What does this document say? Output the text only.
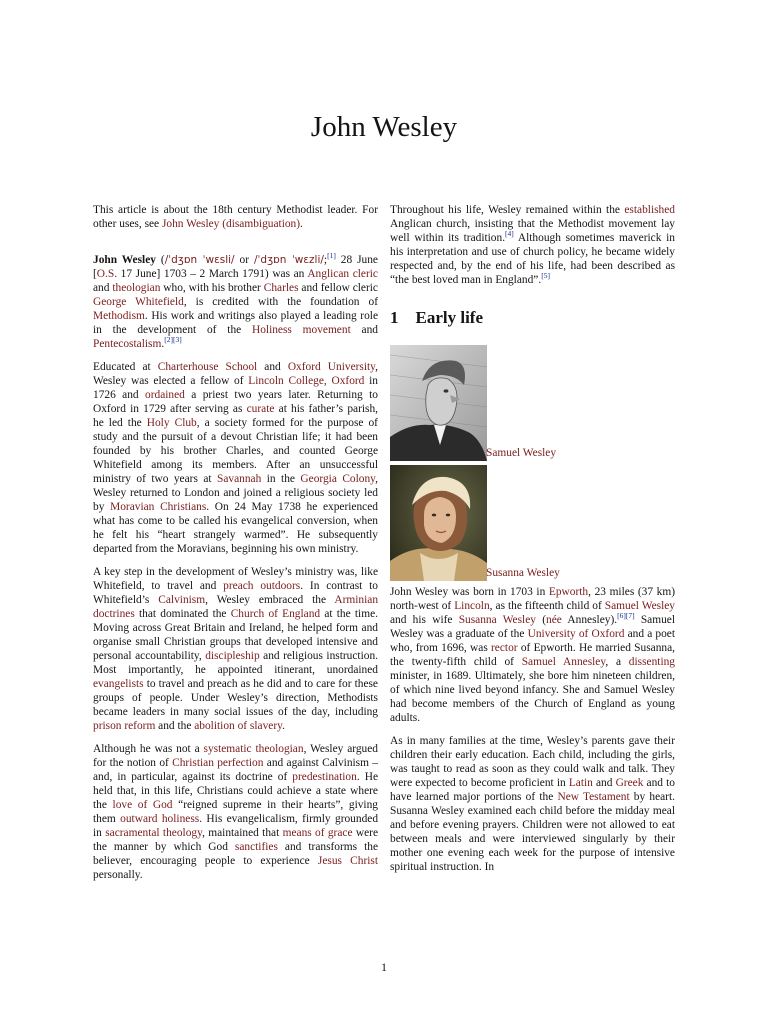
John Wesley

This article is about the 18th century Methodist leader. For other uses, see John Wesley (disambiguation).

John Wesley (/ˈdʒɒn ˈwɛsli/ or /ˈdʒɒn ˈwɛzli/;[1] 28 June [O.S. 17 June] 1703 – 2 March 1791) was an Anglican cleric and theologian who, with his brother Charles and fellow cleric George Whitefield, is credited with the foundation of Methodism. His work and writings also played a leading role in the development of the Holiness movement and Pentecostalism.[2][3]

Educated at Charterhouse School and Oxford University, Wesley was elected a fellow of Lincoln College, Oxford in 1726 and ordained a priest two years later. Returning to Oxford in 1729 after serving as curate at his father’s parish, he led the Holy Club, a society formed for the purpose of study and the pursuit of a devout Christian life; it had been founded by his brother Charles, and counted George Whitefield among its members. After an unsuccessful ministry of two years at Savannah in the Georgia Colony, Wesley returned to London and joined a religious society led by Moravian Christians. On 24 May 1738 he experienced what has come to be called his evangelical conversion, when he felt his “heart strangely warmed”. He subsequently departed from the Moravians, beginning his own ministry.

A key step in the development of Wesley’s ministry was, like Whitefield, to travel and preach outdoors. In contrast to Whitefield’s Calvinism, Wesley embraced the Arminian doctrines that dominated the Church of England at the time. Moving across Great Britain and Ireland, he helped form and organise small Christian groups that developed intensive and personal accountability, discipleship and religious instruction. Most importantly, he appointed itinerant, unordained evangelists to travel and preach as he did and to care for these groups of people. Under Wesley’s direction, Methodists became leaders in many social issues of the day, including prison reform and the abolition of slavery.

Although he was not a systematic theologian, Wesley argued for the notion of Christian perfection and against Calvinism – and, in particular, against its doctrine of predestination. He held that, in this life, Christians could achieve a state where the love of God “reigned supreme in their hearts”, giving them outward holiness. His evangelicalism, firmly grounded in sacramental theology, maintained that means of grace were the manner by which God sanctifies and transforms the believer, encouraging people to experience Jesus Christ personally.

Throughout his life, Wesley remained within the established Anglican church, insisting that the Methodist movement lay well within its tradition.[4] Although sometimes maverick in his interpretation and use of church policy, he became widely respected and, by the end of his life, had been described as “the best loved man in England”.[5]

1 Early life
Samuel Wesley
Susanna Wesley

John Wesley was born in 1703 in Epworth, 23 miles (37 km) north-west of Lincoln, as the fifteenth child of Samuel Wesley and his wife Susanna Wesley (née Annesley).[6][7] Samuel Wesley was a graduate of the University of Oxford and a poet who, from 1696, was rector of Epworth. He married Susanna, the twenty-fifth child of Samuel Annesley, a dissenting minister, in 1689. Ultimately, she bore him nineteen children, of which nine lived beyond infancy. She and Samuel Wesley had become members of the Church of England as young adults.

As in many families at the time, Wesley’s parents gave their children their early education. Each child, including the girls, was taught to read as soon as they could walk and talk. They were expected to become proficient in Latin and Greek and to have learned major portions of the New Testament by heart. Susanna Wesley examined each child before the midday meal and before evening prayers. Children were not allowed to eat between meals and were interviewed singularly by their mother one evening each week for the purpose of intensive spiritual instruction. In

1
